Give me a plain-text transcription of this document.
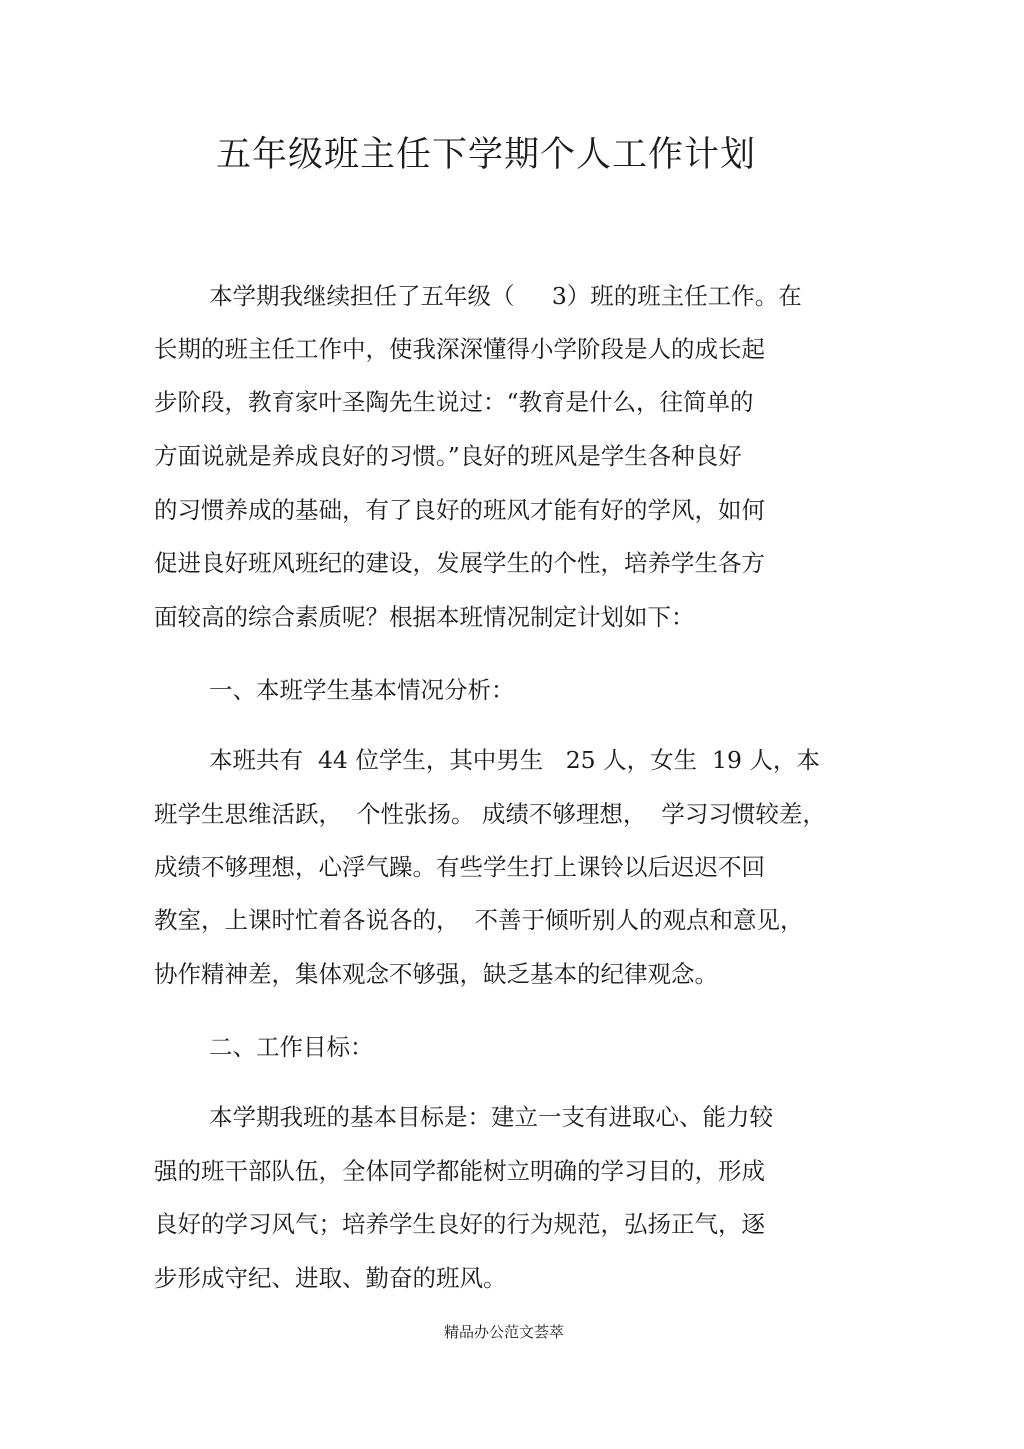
五年级班主任下学期个人工作计划

本学期我继续担任了五年级（     3）班的班主任工作。在

长期的班主任工作中，使我深深懂得小学阶段是人的成长起

步阶段，教育家叶圣陶先生说过：“教育是什么，往简单的

方面说就是养成良好的习惯。”良好的班风是学生各种良好

的习惯养成的基础，有了良好的班风才能有好的学风，如何

促进良好班风班纪的建设，发展学生的个性，培养学生各方

面较高的综合素质呢？根据本班情况制定计划如下：

一、本班学生基本情况分析：

本班共有  44 位学生，其中男生   25 人，女生  19 人，本

班学生思维活跃，  个性张扬。 成绩不够理想，  学习习惯较差，

成绩不够理想，心浮气躁。有些学生打上课铃以后迟迟不回

教室，上课时忙着各说各的，  不善于倾听别人的观点和意见，

协作精神差，集体观念不够强，缺乏基本的纪律观念。

二、工作目标：

本学期我班的基本目标是：建立一支有进取心、能力较

强的班干部队伍，全体同学都能树立明确的学习目的，形成

良好的学习风气；培养学生良好的行为规范，弘扬正气，逐

步形成守纪、进取、勤奋的班风。

精品办公范文荟萃
